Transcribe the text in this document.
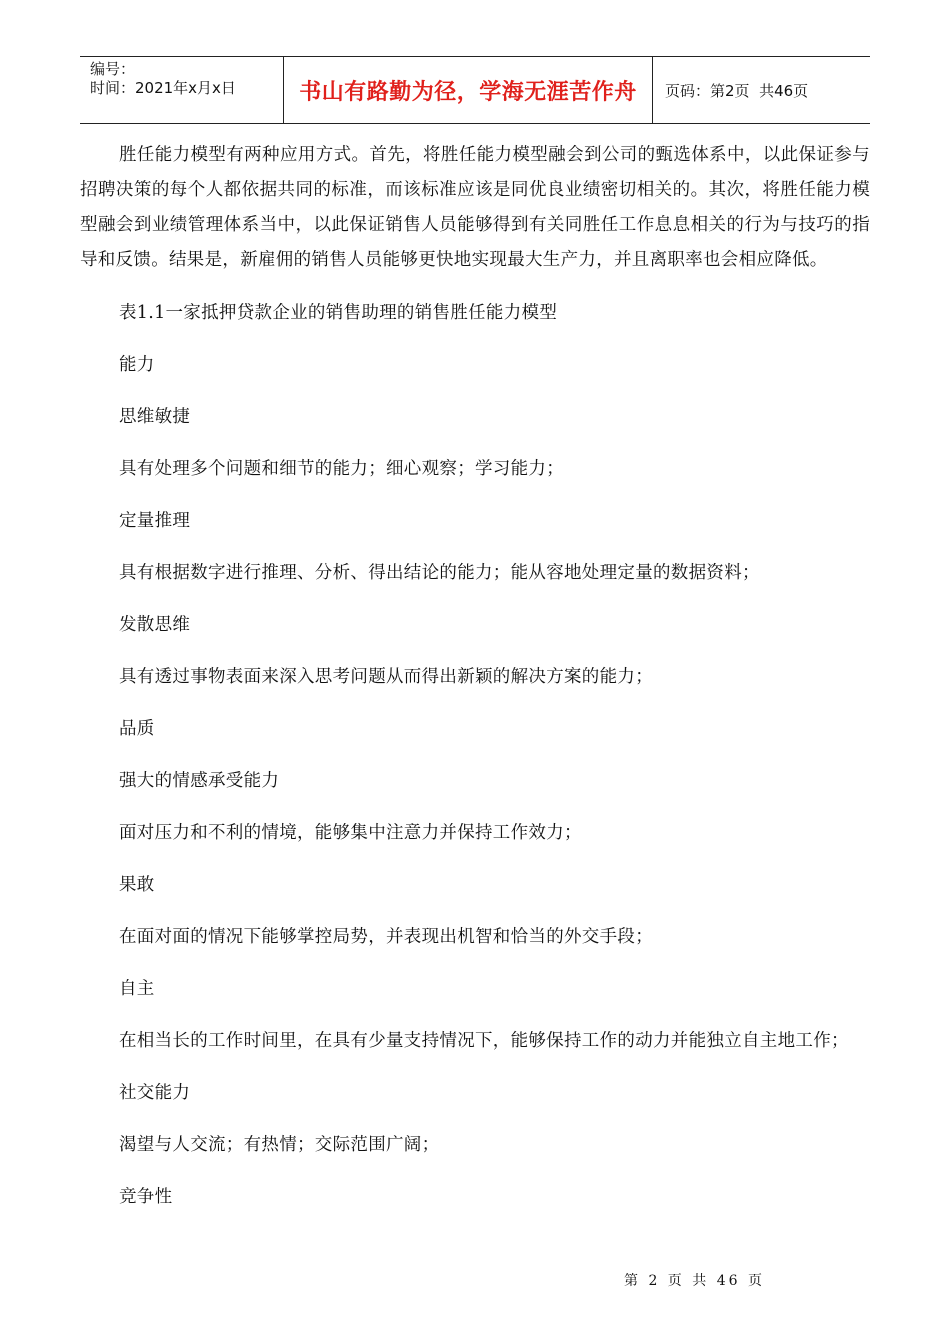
编号：
时间：2021年x月x日	书山有路勤为径，学海无涯苦作舟	页码：第2页  共46页

胜任能力模型有两种应用方式。首先，将胜任能力模型融会到公司的甄选体系中，以此保证参与招聘决策的每个人都依据共同的标准，而该标准应该是同优良业绩密切相关的。其次，将胜任能力模型融会到业绩管理体系当中，以此保证销售人员能够得到有关同胜任工作息息相关的行为与技巧的指导和反馈。结果是，新雇佣的销售人员能够更快地实现最大生产力，并且离职率也会相应降低。

表1.1一家抵押贷款企业的销售助理的销售胜任能力模型

能力

思维敏捷

具有处理多个问题和细节的能力；细心观察；学习能力；

定量推理

具有根据数字进行推理、分析、得出结论的能力；能从容地处理定量的数据资料；

发散思维

具有透过事物表面来深入思考问题从而得出新颖的解决方案的能力；

品质

强大的情感承受能力

面对压力和不利的情境，能够集中注意力并保持工作效力；

果敢

在面对面的情况下能够掌控局势，并表现出机智和恰当的外交手段；

自主

在相当长的工作时间里，在具有少量支持情况下，能够保持工作的动力并能独立自主地工作；

社交能力

渴望与人交流；有热情；交际范围广阔；

竞争性

第 2 页 共 46 页
